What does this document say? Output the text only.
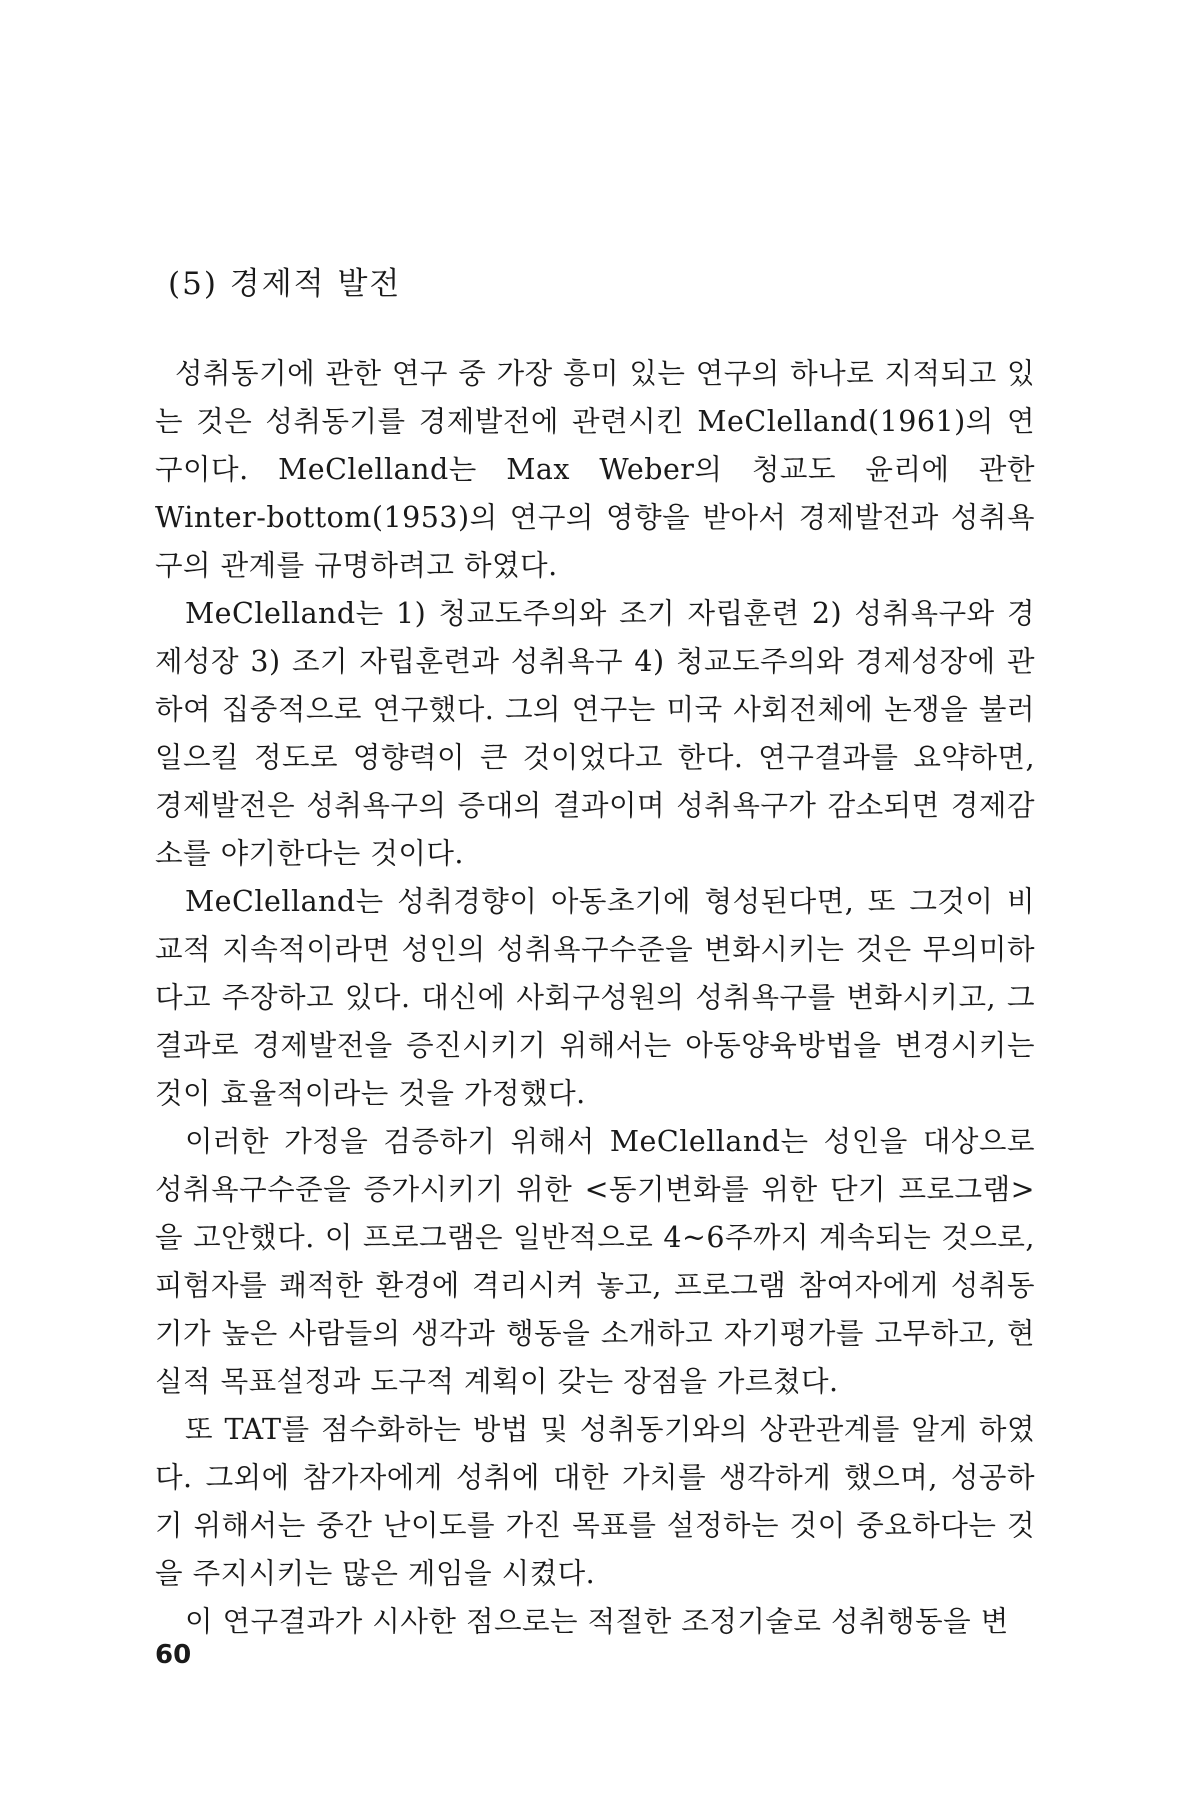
(5) 경제적 발전

성취동기에 관한 연구 중 가장 흥미 있는 연구의 하나로 지적되고 있는 것은 성취동기를 경제발전에 관련시킨 MeClelland(1961)의 연구이다. MeClelland는 Max Weber의 청교도 윤리에 관한 Winter-bottom(1953)의 연구의 영향을 받아서 경제발전과 성취욕구의 관계를 규명하려고 하였다.

MeClelland는 1) 청교도주의와 조기 자립훈련 2) 성취욕구와 경제성장 3) 조기 자립훈련과 성취욕구 4) 청교도주의와 경제성장에 관하여 집중적으로 연구했다. 그의 연구는 미국 사회전체에 논쟁을 불러일으킬 정도로 영향력이 큰 것이었다고 한다. 연구결과를 요약하면, 경제발전은 성취욕구의 증대의 결과이며 성취욕구가 감소되면 경제감소를 야기한다는 것이다.

MeClelland는 성취경향이 아동초기에 형성된다면, 또 그것이 비교적 지속적이라면 성인의 성취욕구수준을 변화시키는 것은 무의미하다고 주장하고 있다. 대신에 사회구성원의 성취욕구를 변화시키고, 그 결과로 경제발전을 증진시키기 위해서는 아동양육방법을 변경시키는 것이 효율적이라는 것을 가정했다.

이러한 가정을 검증하기 위해서 MeClelland는 성인을 대상으로 성취욕구수준을 증가시키기 위한 <동기변화를 위한 단기 프로그램>을 고안했다. 이 프로그램은 일반적으로 4~6주까지 계속되는 것으로, 피험자를 쾌적한 환경에 격리시켜 놓고, 프로그램 참여자에게 성취동기가 높은 사람들의 생각과 행동을 소개하고 자기평가를 고무하고, 현실적 목표설정과 도구적 계획이 갖는 장점을 가르쳤다.

또 TAT를 점수화하는 방법 및 성취동기와의 상관관계를 알게 하였다. 그외에 참가자에게 성취에 대한 가치를 생각하게 했으며, 성공하기 위해서는 중간 난이도를 가진 목표를 설정하는 것이 중요하다는 것을 주지시키는 많은 게임을 시켰다.

이 연구결과가 시사한 점으로는 적절한 조정기술로 성취행동을 변

60
